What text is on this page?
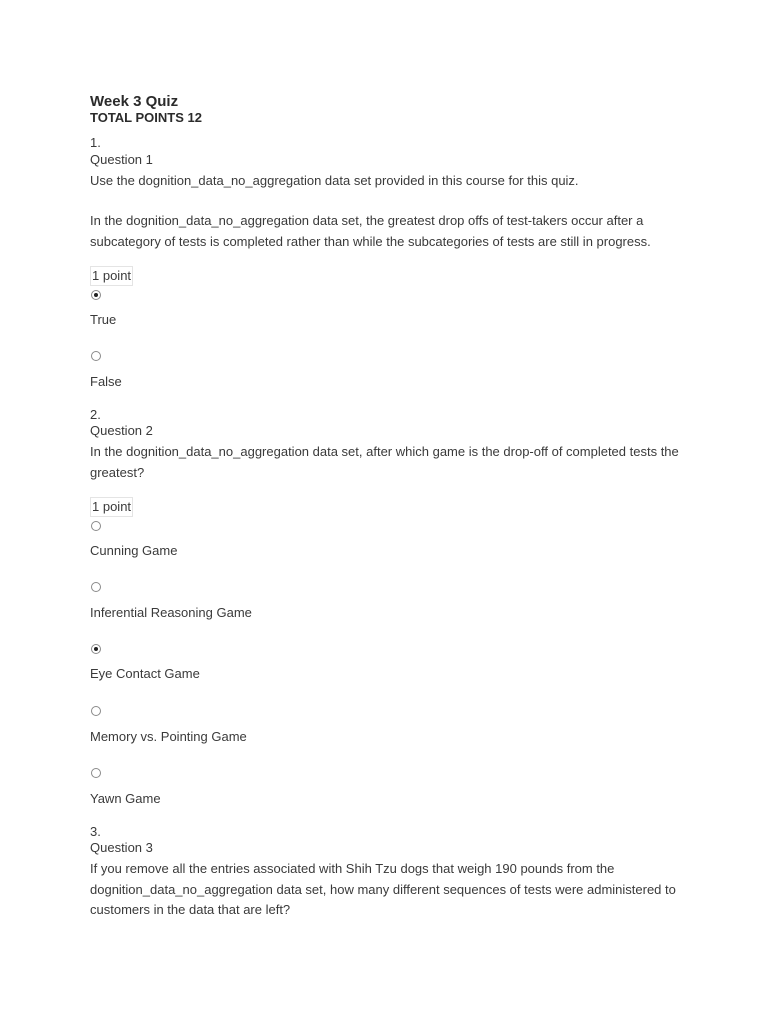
Week 3 Quiz
TOTAL POINTS 12
1.
Question 1
Use the dognition_data_no_aggregation data set provided in this course for this quiz.
In the dognition_data_no_aggregation data set, the greatest drop offs of test-takers occur after a subcategory of tests is completed rather than while the subcategories of tests are still in progress.
1 point
True
False
2.
Question 2
In the dognition_data_no_aggregation data set, after which game is the drop-off of completed tests the greatest?
1 point
Cunning Game
Inferential Reasoning Game
Eye Contact Game
Memory vs. Pointing Game
Yawn Game
3.
Question 3
If you remove all the entries associated with Shih Tzu dogs that weigh 190 pounds from the dognition_data_no_aggregation data set, how many different sequences of tests were administered to customers in the data that are left?
